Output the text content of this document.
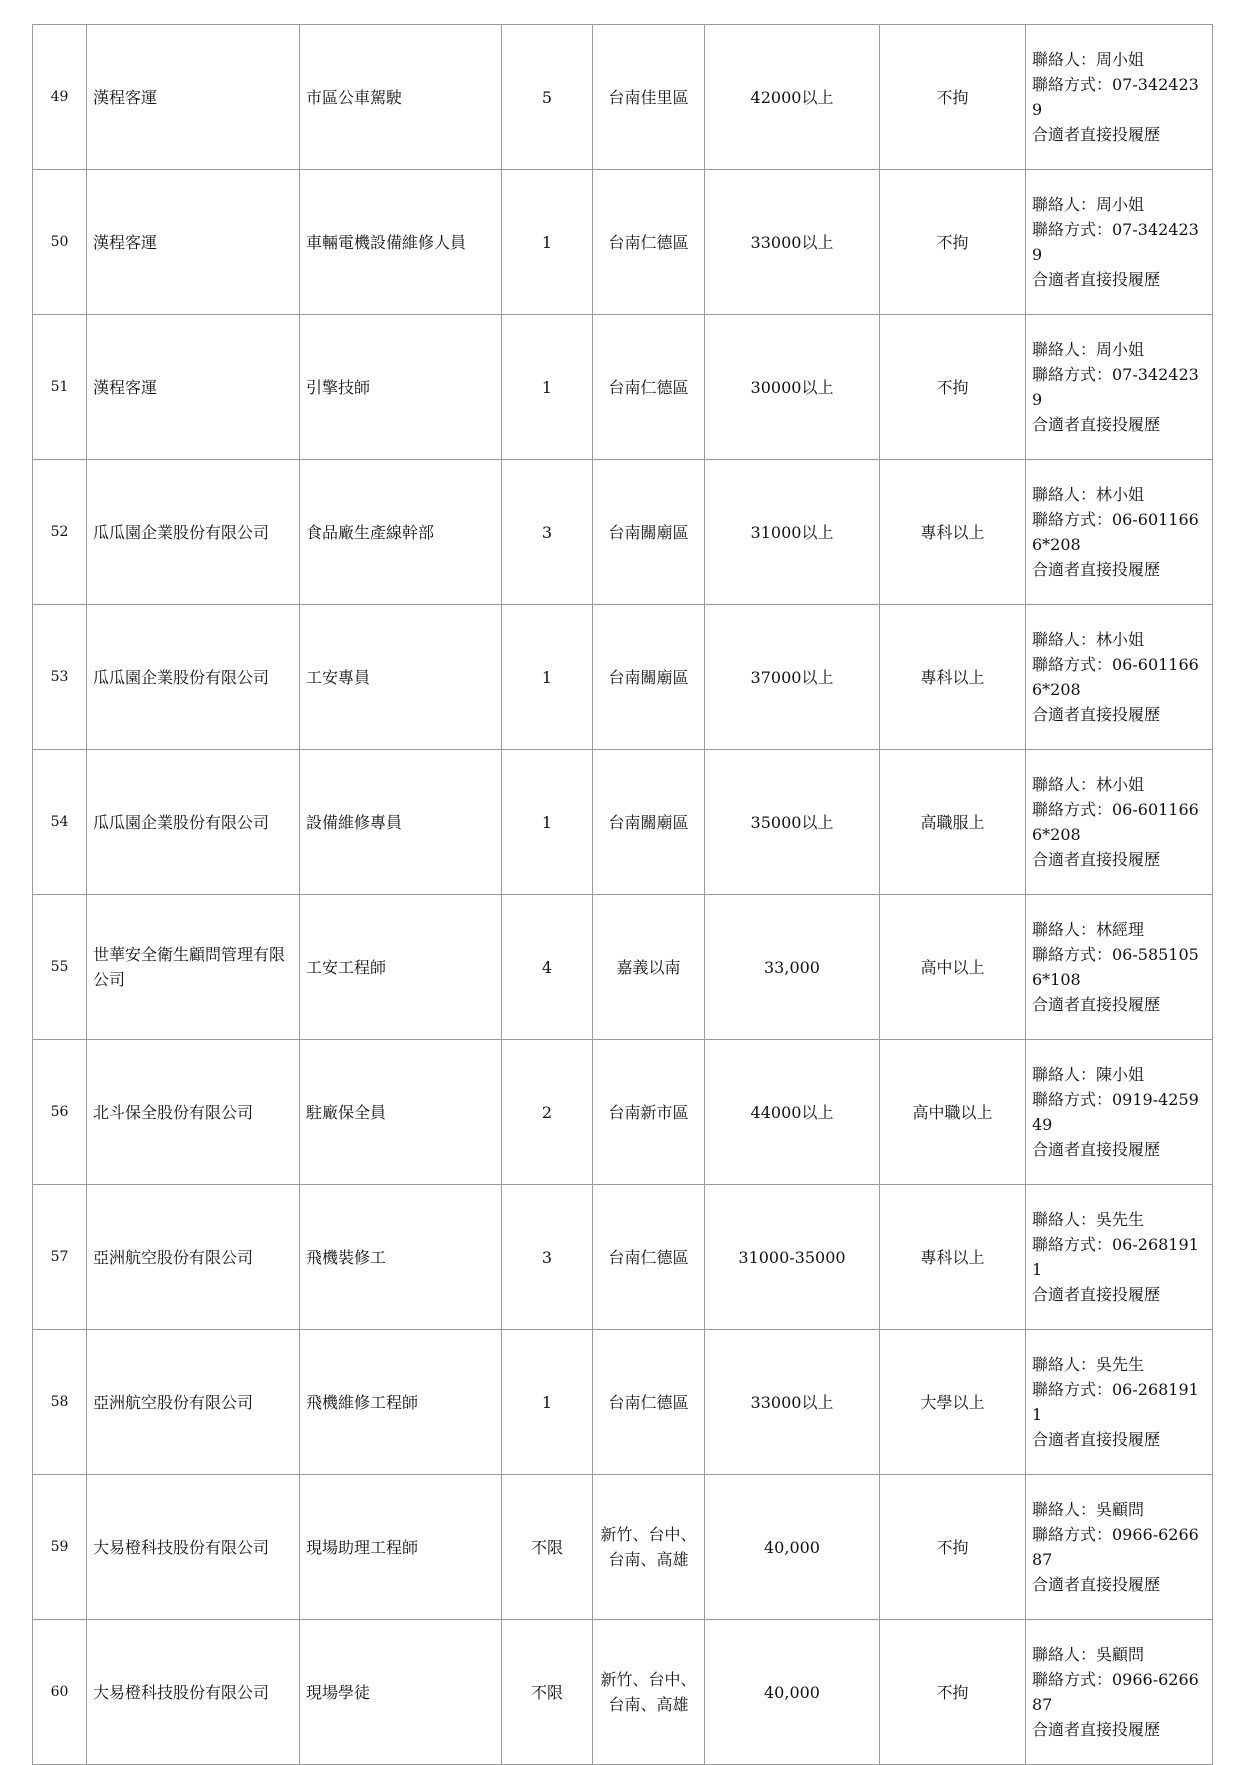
49	漢程客運	市區公車駕駛	5	台南佳里區	42000以上	不拘	聯絡人：周小姐
聯絡方式：07-3424239
合適者直接投履歷

50	漢程客運	車輛電機設備維修人員	1	台南仁德區	33000以上	不拘	聯絡人：周小姐
聯絡方式：07-3424239
合適者直接投履歷

51	漢程客運	引擎技師	1	台南仁德區	30000以上	不拘	聯絡人：周小姐
聯絡方式：07-3424239
合適者直接投履歷

52	瓜瓜園企業股份有限公司	食品廠生產線幹部	3	台南關廟區	31000以上	專科以上	聯絡人：林小姐
聯絡方式：06-6011666*208
合適者直接投履歷

53	瓜瓜園企業股份有限公司	工安專員	1	台南關廟區	37000以上	專科以上	聯絡人：林小姐
聯絡方式：06-6011666*208
合適者直接投履歷

54	瓜瓜園企業股份有限公司	設備維修專員	1	台南關廟區	35000以上	高職服上	聯絡人：林小姐
聯絡方式：06-6011666*208
合適者直接投履歷

55	世華安全衛生顧問管理有限公司	工安工程師	4	嘉義以南	33,000	高中以上	聯絡人：林經理
聯絡方式：06-5851056*108
合適者直接投履歷

56	北斗保全股份有限公司	駐廠保全員	2	台南新市區	44000以上	高中職以上	聯絡人：陳小姐
聯絡方式：0919-425949
合適者直接投履歷

57	亞洲航空股份有限公司	飛機裝修工	3	台南仁德區	31000-35000	專科以上	聯絡人：吳先生
聯絡方式：06-2681911
合適者直接投履歷

58	亞洲航空股份有限公司	飛機維修工程師	1	台南仁德區	33000以上	大學以上	聯絡人：吳先生
聯絡方式：06-2681911
合適者直接投履歷

59	大易橙科技股份有限公司	現場助理工程師	不限	新竹、台中、台南、高雄	40,000	不拘	聯絡人：吳顧問
聯絡方式：0966-626687
合適者直接投履歷

60	大易橙科技股份有限公司	現場學徒	不限	新竹、台中、台南、高雄	40,000	不拘	聯絡人：吳顧問
聯絡方式：0966-626687
合適者直接投履歷
